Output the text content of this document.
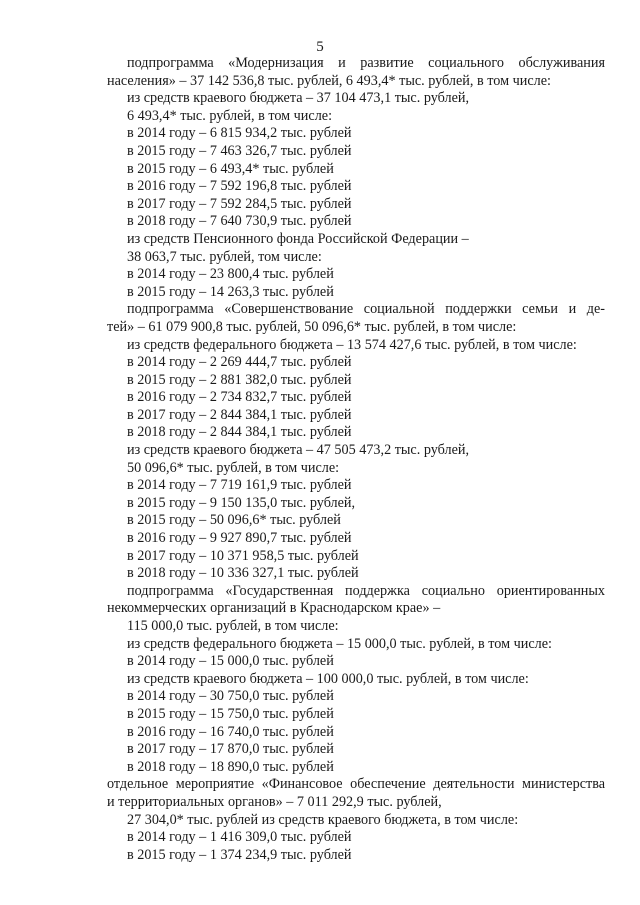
5
подпрограмма «Модернизация и развитие социального обслуживания
населения» – 37 142 536,8 тыс. рублей, 6 493,4* тыс. рублей, в том числе:
из средств краевого бюджета – 37 104 473,1 тыс. рублей,
6 493,4* тыс. рублей, в том числе:
в 2014 году – 6 815 934,2 тыс. рублей
в 2015 году – 7 463 326,7 тыс. рублей
в 2015 году – 6 493,4* тыс. рублей
в 2016 году – 7 592 196,8 тыс. рублей
в 2017 году – 7 592 284,5 тыс. рублей
в 2018 году – 7 640 730,9 тыс. рублей
из средств Пенсионного фонда Российской Федерации –
38 063,7 тыс. рублей, том числе:
в 2014 году – 23 800,4 тыс. рублей
в 2015 году – 14 263,3 тыс. рублей
подпрограмма «Совершенствование социальной поддержки семьи и де-
тей» – 61 079 900,8 тыс. рублей, 50 096,6* тыс. рублей, в том числе:
из средств федерального бюджета – 13 574 427,6 тыс. рублей, в том числе:
в 2014 году – 2 269 444,7 тыс. рублей
в 2015 году – 2 881 382,0 тыс. рублей
в 2016 году – 2 734 832,7 тыс. рублей
в 2017 году – 2 844 384,1 тыс. рублей
в 2018 году – 2 844 384,1 тыс. рублей
из средств краевого бюджета – 47 505 473,2 тыс. рублей,
50 096,6* тыс. рублей, в том числе:
в 2014 году – 7 719 161,9 тыс. рублей
в 2015 году – 9 150 135,0 тыс. рублей,
в 2015 году – 50 096,6* тыс. рублей
в 2016 году – 9 927 890,7 тыс. рублей
в 2017 году – 10 371 958,5 тыс. рублей
в 2018 году – 10 336 327,1 тыс. рублей
подпрограмма «Государственная поддержка социально ориентированных
некоммерческих организаций в Краснодарском крае» –
115 000,0 тыс. рублей, в том числе:
из средств федерального бюджета – 15 000,0 тыс. рублей, в том числе:
в 2014 году – 15 000,0 тыс. рублей
из средств краевого бюджета – 100 000,0 тыс. рублей, в том числе:
в 2014 году – 30 750,0 тыс. рублей
в 2015 году – 15 750,0 тыс. рублей
в 2016 году – 16 740,0 тыс. рублей
в 2017 году – 17 870,0 тыс. рублей
в 2018 году – 18 890,0 тыс. рублей
отдельное мероприятие «Финансовое обеспечение деятельности министерства
и территориальных органов» – 7 011 292,9 тыс. рублей,
27 304,0* тыс. рублей из средств краевого бюджета, в том числе:
в 2014 году – 1 416 309,0 тыс. рублей
в 2015 году – 1 374 234,9 тыс. рублей
